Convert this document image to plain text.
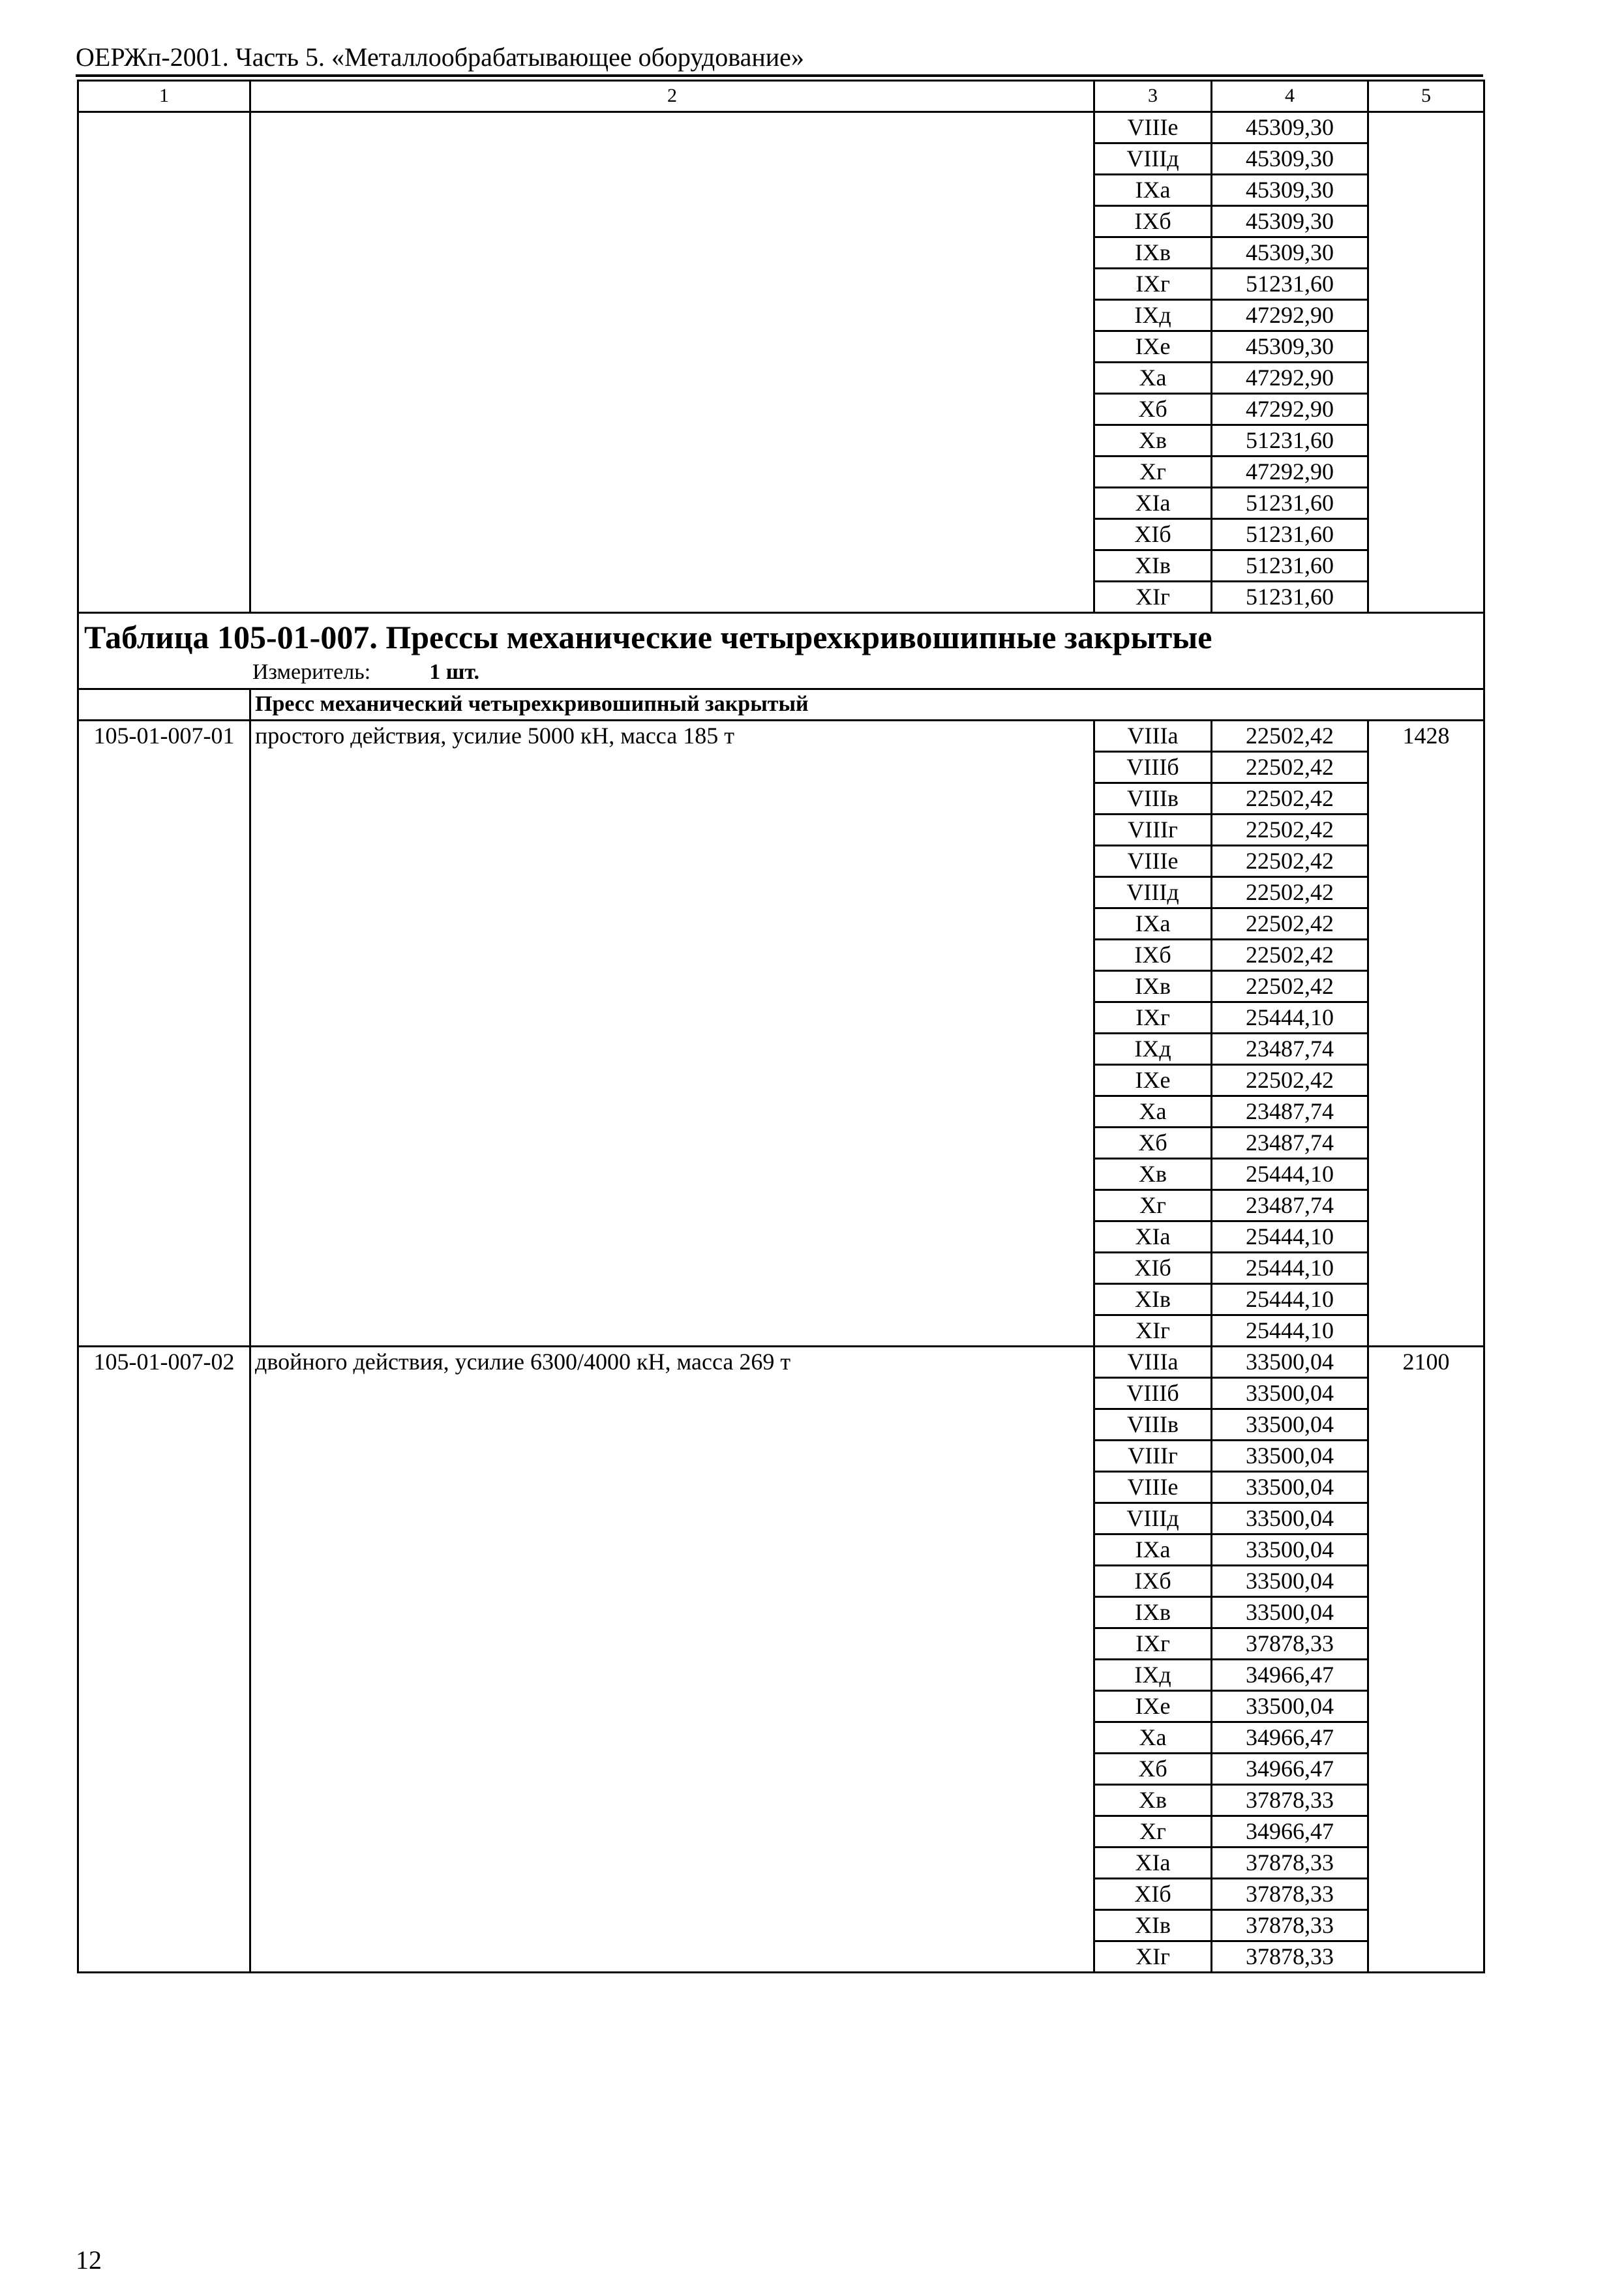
ОЕРЖп-2001. Часть 5. «Металлообрабатывающее оборудование»
1	2	3	4	5
		VIIIе	45309,30	
		VIIIд	45309,30	
		IXа	45309,30	
		IXб	45309,30	
		IXв	45309,30	
		IXг	51231,60	
		IXд	47292,90	
		IXе	45309,30	
		Xа	47292,90	
		Xб	47292,90	
		Xв	51231,60	
		Xг	47292,90	
		XIа	51231,60	
		XIб	51231,60	
		XIв	51231,60	
		XIг	51231,60	

Таблица 105-01-007. Прессы механические четырехкривошипные закрытые
Измеритель: 1 шт.				

	Пресс механический четырехкривошипный закрытый			
105-01-007-01	простого действия, усилие 5000 кН, масса 185 т	VIIIа	22502,42	1428
		VIIIб	22502,42	
		VIIIв	22502,42	
		VIIIг	22502,42	
		VIIIе	22502,42	
		VIIIд	22502,42	
		IXа	22502,42	
		IXб	22502,42	
		IXв	22502,42	
		IXг	25444,10	
		IXд	23487,74	
		IXе	22502,42	
		Xа	23487,74	
		Xб	23487,74	
		Xв	25444,10	
		Xг	23487,74	
		XIа	25444,10	
		XIб	25444,10	
		XIв	25444,10	
		XIг	25444,10	
105-01-007-02	двойного действия, усилие 6300/4000 кН, масса 269 т	VIIIа	33500,04	2100
		VIIIб	33500,04	
		VIIIв	33500,04	
		VIIIг	33500,04	
		VIIIе	33500,04	
		VIIIд	33500,04	
		IXа	33500,04	
		IXб	33500,04	
		IXв	33500,04	
		IXг	37878,33	
		IXд	34966,47	
		IXе	33500,04	
		Xа	34966,47	
		Xб	34966,47	
		Xв	37878,33	
		Xг	34966,47	
		XIа	37878,33	
		XIб	37878,33	
		XIв	37878,33	
		XIг	37878,33	
12
